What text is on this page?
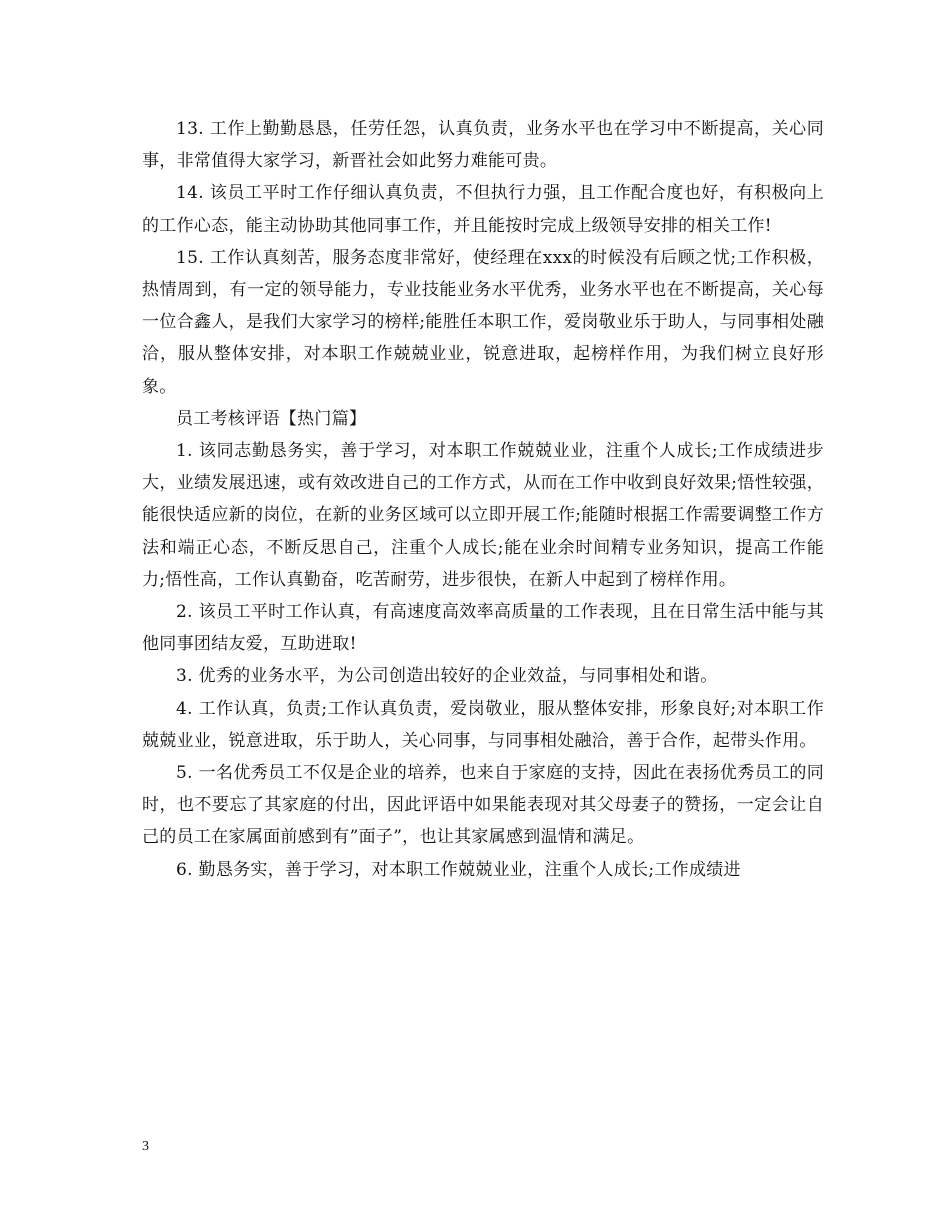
13. 工作上勤勤恳恳，任劳任怨，认真负责，业务水平也在学习中不断提高，关心同事，非常值得大家学习，新晋社会如此努力难能可贵。

14. 该员工平时工作仔细认真负责，不但执行力强，且工作配合度也好，有积极向上的工作心态，能主动协助其他同事工作，并且能按时完成上级领导安排的相关工作!

15. 工作认真刻苦，服务态度非常好，使经理在xxx的时候没有后顾之忧;工作积极，热情周到，有一定的领导能力，专业技能业务水平优秀，业务水平也在不断提高，关心每一位合鑫人，是我们大家学习的榜样;能胜任本职工作，爱岗敬业乐于助人，与同事相处融洽，服从整体安排，对本职工作兢兢业业，锐意进取，起榜样作用，为我们树立良好形象。

员工考核评语【热门篇】

1. 该同志勤恳务实，善于学习，对本职工作兢兢业业，注重个人成长;工作成绩进步大，业绩发展迅速，或有效改进自己的工作方式，从而在工作中收到良好效果;悟性较强，能很快适应新的岗位，在新的业务区域可以立即开展工作;能随时根据工作需要调整工作方法和端正心态，不断反思自己，注重个人成长;能在业余时间精专业务知识，提高工作能力;悟性高，工作认真勤奋，吃苦耐劳，进步很快，在新人中起到了榜样作用。

2. 该员工平时工作认真，有高速度高效率高质量的工作表现，且在日常生活中能与其他同事团结友爱，互助进取!

3. 优秀的业务水平，为公司创造出较好的企业效益，与同事相处和谐。

4. 工作认真，负责;工作认真负责，爱岗敬业，服从整体安排，形象良好;对本职工作兢兢业业，锐意进取，乐于助人，关心同事，与同事相处融洽，善于合作，起带头作用。

5. 一名优秀员工不仅是企业的培养，也来自于家庭的支持，因此在表扬优秀员工的同时，也不要忘了其家庭的付出，因此评语中如果能表现对其父母妻子的赞扬，一定会让自己的员工在家属面前感到有”面子”，也让其家属感到温情和满足。

6. 勤恳务实，善于学习，对本职工作兢兢业业，注重个人成长;工作成绩进

3
